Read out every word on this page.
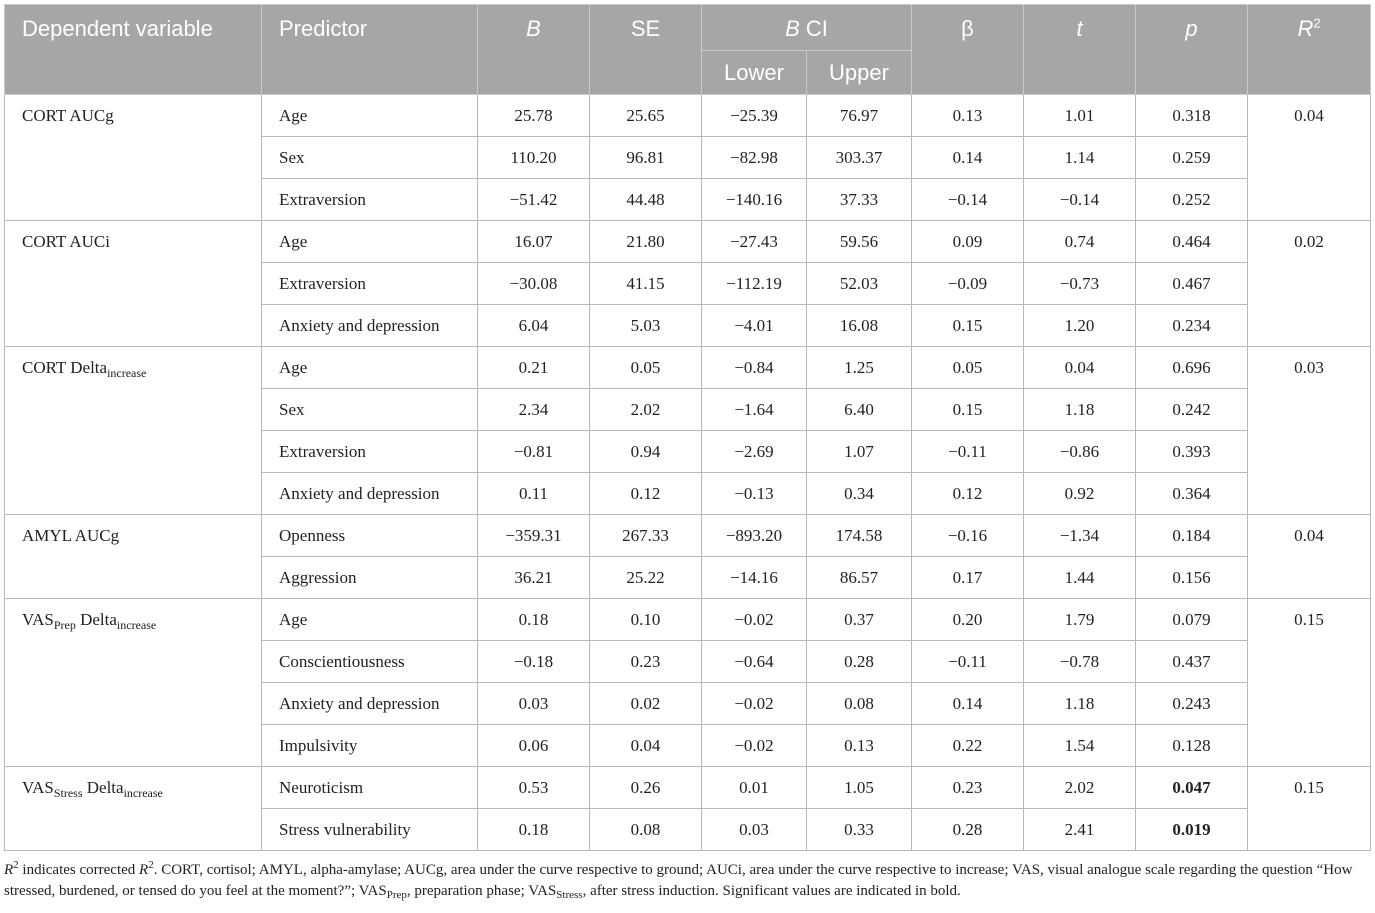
Dependent variable	Predictor	B	SE	B CI		β	t	p	$R^2$
				Lower	Upper				
CORT AUCg	Age	25.78	25.65	−25.39	76.97	0.13	1.01	0.318	0.04
	Sex	110.20	96.81	−82.98	303.37	0.14	1.14	0.259	
	Extraversion	−51.42	44.48	−140.16	37.33	−0.14	−0.14	0.252	
CORT AUCi	Age	16.07	21.80	−27.43	59.56	0.09	0.74	0.464	0.02
	Extraversion	−30.08	41.15	−112.19	52.03	−0.09	−0.73	0.467	
	Anxiety and depression	6.04	5.03	−4.01	16.08	0.15	1.20	0.234	
CORT Delta$_{increase}$	Age	0.21	0.05	−0.84	1.25	0.05	0.04	0.696	0.03
	Sex	2.34	2.02	−1.64	6.40	0.15	1.18	0.242	
	Extraversion	−0.81	0.94	−2.69	1.07	−0.11	−0.86	0.393	
	Anxiety and depression	0.11	0.12	−0.13	0.34	0.12	0.92	0.364	
AMYL AUCg	Openness	−359.31	267.33	−893.20	174.58	−0.16	−1.34	0.184	0.04
	Aggression	36.21	25.22	−14.16	86.57	0.17	1.44	0.156	
$VAS_{Prep}$ Delta$_{increase}$	Age	0.18	0.10	−0.02	0.37	0.20	1.79	0.079	0.15
	Conscientiousness	−0.18	0.23	−0.64	0.28	−0.11	−0.78	0.437	
	Anxiety and depression	0.03	0.02	−0.02	0.08	0.14	1.18	0.243	
	Impulsivity	0.06	0.04	−0.02	0.13	0.22	1.54	0.128	
$VAS_{Stress}$ Delta$_{increase}$	Neuroticism	0.53	0.26	0.01	1.05	0.23	2.02	0.047	0.15
	Stress vulnerability	0.18	0.08	0.03	0.33	0.28	2.41	0.019	
$R^2$ indicates corrected $R^2$. CORT, cortisol; AMYL, alpha-amylase; AUCg, area under the curve respective to ground; AUCi, area under the curve respective to increase; VAS, visual analogue scale regarding the question “How stressed, burdened, or tensed do you feel at the moment?”; $VAS_{Prep}$, preparation phase; $VAS_{Stress}$, after stress induction. Significant values are indicated in bold.
